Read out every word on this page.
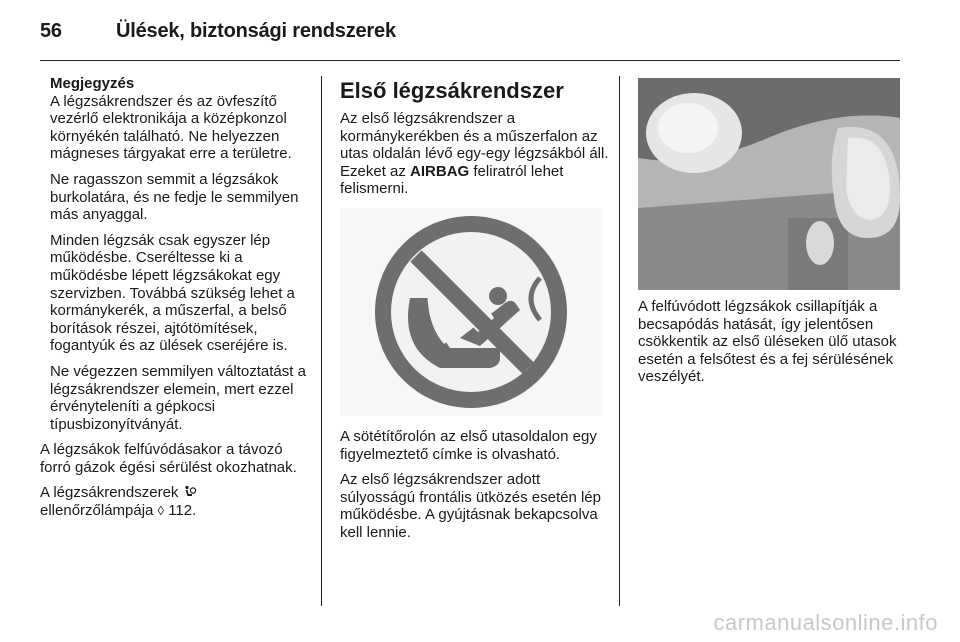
56	Ülések, biztonsági rendszerek

Megjegyzés
A légzsákrendszer és az övfeszítő vezérlő elektronikája a középkonzol környékén található. Ne helyezzen mágneses tárgyakat erre a területre.

Ne ragasszon semmit a légzsákok burkolatára, és ne fedje le semmilyen más anyaggal.

Minden légzsák csak egyszer lép működésbe. Cseréltesse ki a működésbe lépett légzsákokat egy szervizben. Továbbá szükség lehet a kormánykerék, a műszerfal, a belső borítások részei, ajtótömítések, fogantyúk és az ülések cseréjére is.

Ne végezzen semmilyen változtatást a légzsákrendszer elemein, mert ezzel érvényteleníti a gépkocsi típusbizonyítványát.

A légzsákok felfúvódásakor a távozó forró gázok égési sérülést okozhatnak.

A légzsákrendszerek
ellenőrzőlámpája ◊ 112.

Első légzsákrendszer

Az első légzsákrendszer a kormánykerékben és a műszerfalon az utas oldalán lévő egy-egy légzsákból áll. Ezeket az AIRBAG feliratról lehet felismerni.

A sötétítőrolón az első utasoldalon egy figyelmeztető címke is olvasható.

Az első légzsákrendszer adott súlyosságú frontális ütközés esetén lép működésbe. A gyújtásnak bekapcsolva kell lennie.

A felfúvódott légzsákok csillapítják a becsapódás hatását, így jelentősen csökkentik az első üléseken ülő utasok esetén a felsőtest és a fej sérülésének veszélyét.

carmanualsonline.info
